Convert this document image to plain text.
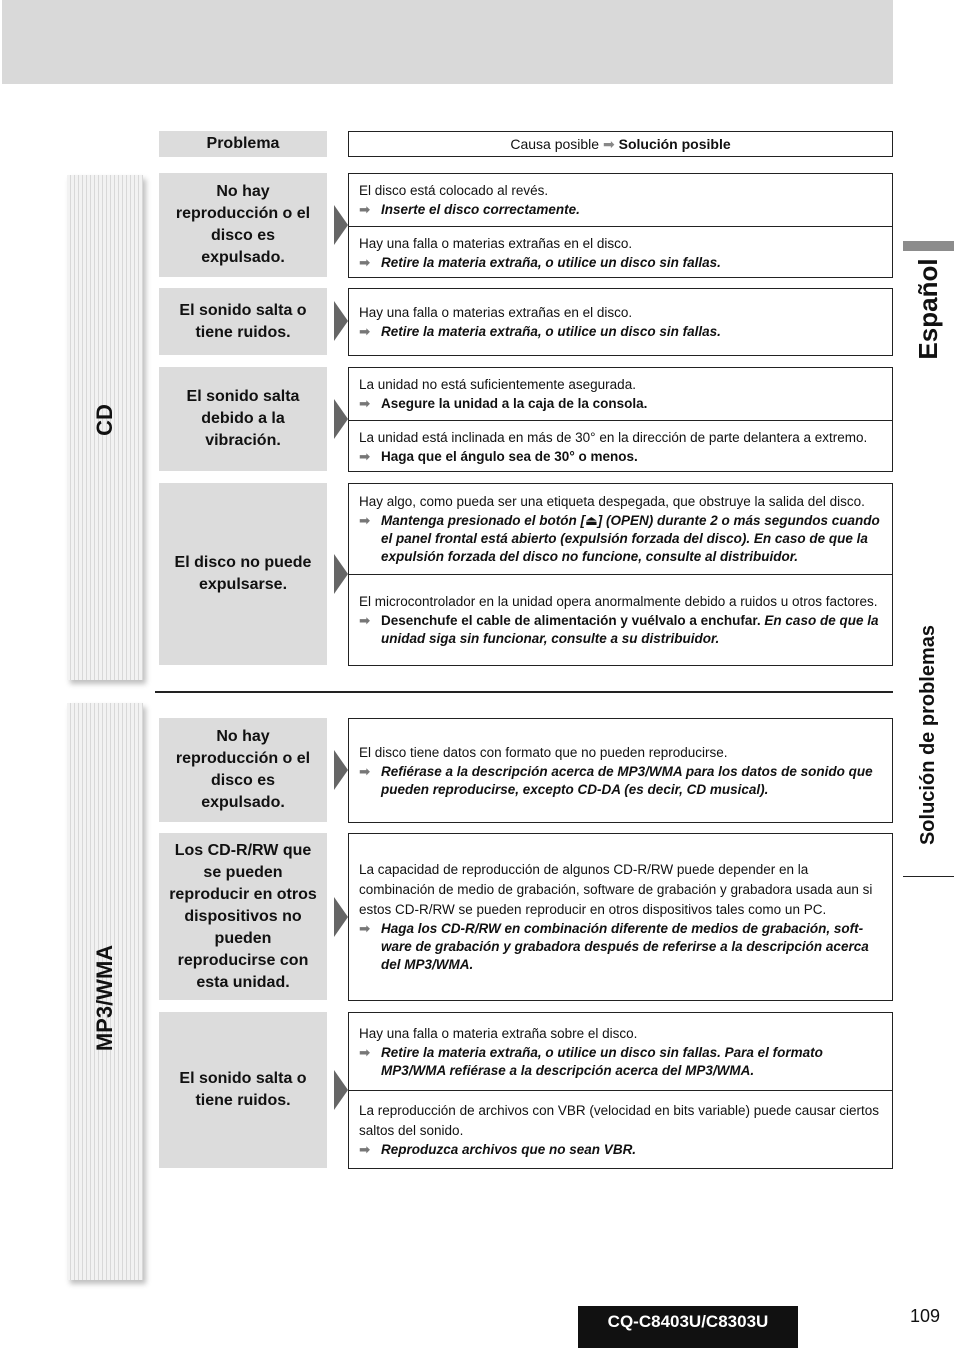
Problema	Causa posible ➡ Solución posible
CD
MP3/WMA
No hay reproducción o el disco es expulsado.
El disco está colocado al revés.
➡ Inserte el disco correctamente.
Hay una falla o materias extrañas en el disco.
➡ Retire la materia extraña, o utilice un disco sin fallas.
El sonido salta o tiene ruidos.
Hay una falla o materias extrañas en el disco.
➡ Retire la materia extraña, o utilice un disco sin fallas.
El sonido salta debido a la vibración.
La unidad no está suficientemente asegurada.
➡ Asegure la unidad a la caja de la consola.
La unidad está inclinada en más de 30° en la dirección de parte delantera a extremo.
➡ Haga que el ángulo sea de 30° o menos.
El disco no puede expulsarse.
Hay algo, como pueda ser una etiqueta despegada, que obstruye la salida del disco.
➡ Mantenga presionado el botón [⏏] (OPEN) durante 2 o más segundos cuando el panel frontal está abierto (expulsión forzada del disco). En caso de que la expulsión forzada del disco no funcione, consulte al distribuidor.
El microcontrolador en la unidad opera anormalmente debido a ruidos u otros factores.
➡ Desenchufe el cable de alimentación y vuélvalo a enchufar. En caso de que la unidad siga sin funcionar, consulte a su distribuidor.
No hay reproducción o el disco es expulsado.
El disco tiene datos con formato que no pueden reproducirse.
➡ Refiérase a la descripción acerca de MP3/WMA para los datos de sonido que pueden reproducirse, excepto CD-DA (es decir, CD musical).
Los CD-R/RW que se pueden reproducir en otros dispositivos no pueden reproducirse con esta unidad.
La capacidad de reproducción de algunos CD-R/RW puede depender en la combinación de medio de grabación, software de grabación y grabadora usada aun si estos CD-R/RW se pueden reproducir en otros dispositivos tales como un PC.
➡ Haga los CD-R/RW en combinación diferente de medios de grabación, soft-ware de grabación y grabadora después de referirse a la descripción acerca del MP3/WMA.
El sonido salta o tiene ruidos.
Hay una falla o materia extraña sobre el disco.
➡ Retire la materia extraña, o utilice un disco sin fallas. Para el formato MP3/WMA refiérase a la descripción acerca del MP3/WMA.
La reproducción de archivos con VBR (velocidad en bits variable) puede causar ciertos saltos del sonido.
➡ Reproduzca archivos que no sean VBR.
Español
Solución de problemas
CQ-C8403U/C8303U	109
